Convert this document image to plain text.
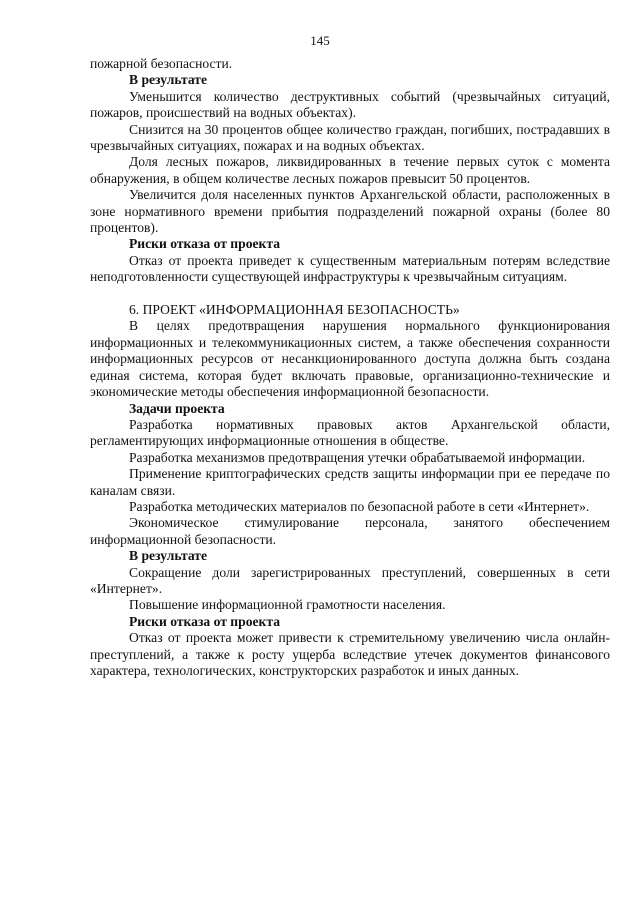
145

пожарной безопасности.

В результате

Уменьшится количество деструктивных событий (чрезвычайных ситуаций, пожаров, происшествий на водных объектах).

Снизится на 30 процентов общее количество граждан, погибших, пострадавших в чрезвычайных ситуациях, пожарах и на водных объектах.

Доля лесных пожаров, ликвидированных в течение первых суток с момента обнаружения, в общем количестве лесных пожаров превысит 50 процентов.

Увеличится доля населенных пунктов Архангельской области, расположенных в зоне нормативного времени прибытия подразделений пожарной охраны (более 80 процентов).

Риски отказа от проекта

Отказ от проекта приведет к существенным материальным потерям вследствие неподготовленности существующей инфраструктуры к чрезвычайным ситуациям.

6. ПРОЕКТ «ИНФОРМАЦИОННАЯ БЕЗОПАСНОСТЬ»

В целях предотвращения нарушения нормального функционирования информационных и телекоммуникационных систем, а также обеспечения сохранности информационных ресурсов от несанкционированного доступа должна быть создана единая система, которая будет включать правовые, организационно-технические и экономические методы обеспечения информационной безопасности.

Задачи проекта

Разработка нормативных правовых актов Архангельской области, регламентирующих информационные отношения в обществе.

Разработка механизмов предотвращения утечки обрабатываемой информации.

Применение криптографических средств защиты информации при ее передаче по каналам связи.

Разработка методических материалов по безопасной работе в сети «Интернет».

Экономическое стимулирование персонала, занятого обеспечением информационной безопасности.

В результате

Сокращение доли зарегистрированных преступлений, совершенных в сети «Интернет».

Повышение информационной грамотности населения.

Риски отказа от проекта

Отказ от проекта может привести к стремительному увеличению числа онлайн-преступлений, а также к росту ущерба вследствие утечек документов финансового характера, технологических, конструкторских разработок и иных данных.
